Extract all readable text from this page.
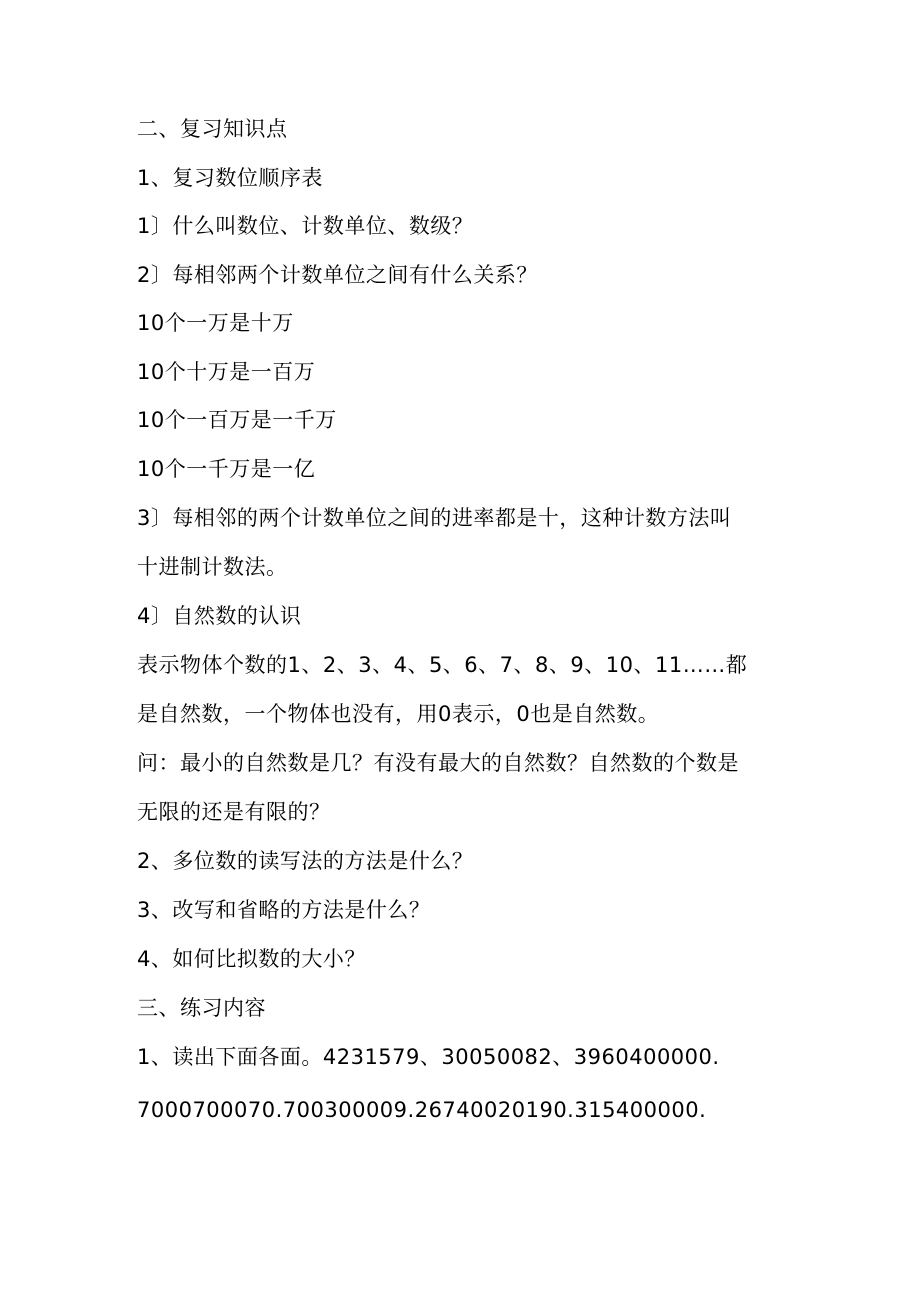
二、复习知识点
1、复习数位顺序表
1〕什么叫数位、计数单位、数级？
2〕每相邻两个计数单位之间有什么关系？
10个一万是十万
10个十万是一百万
10个一百万是一千万
10个一千万是一亿
3〕每相邻的两个计数单位之间的进率都是十，这种计数方法叫
十进制计数法。
4〕自然数的认识
表示物体个数的1、2、3、4、5、6、7、8、9、10、11……都
是自然数，一个物体也没有，用0表示，0也是自然数。
问：最小的自然数是几？有没有最大的自然数？自然数的个数是
无限的还是有限的？
2、多位数的读写法的方法是什么？
3、改写和省略的方法是什么？
4、如何比拟数的大小？
三、练习内容
1、读出下面各面。4231579、30050082、3960400000.
7000700070.700300009.26740020190.315400000.
